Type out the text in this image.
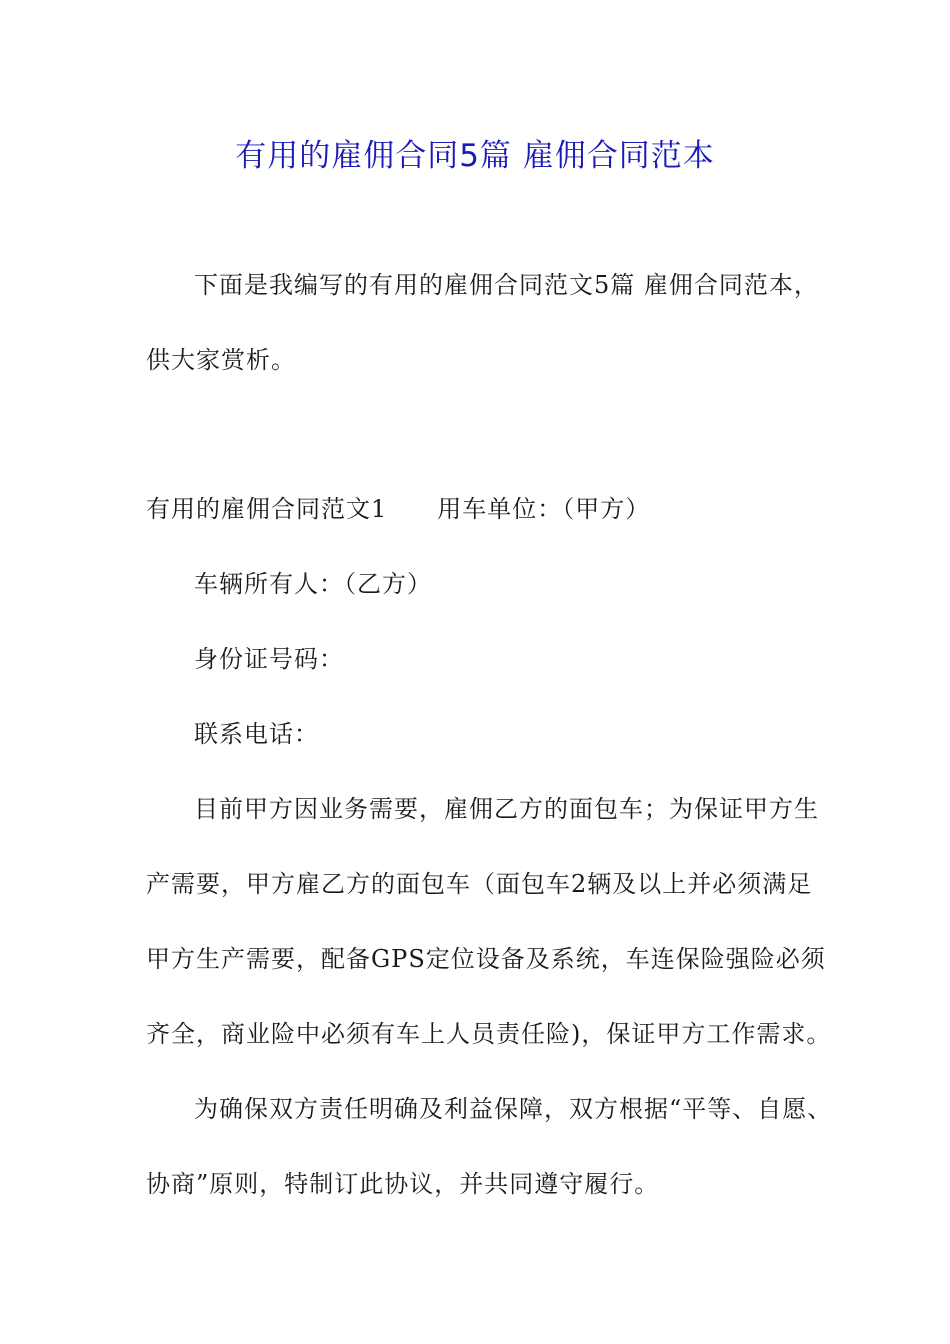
有用的雇佣合同5篇 雇佣合同范本
下面是我编写的有用的雇佣合同范文5篇 雇佣合同范本，
供大家赏析。
有用的雇佣合同范文1 用车单位：（甲方）
车辆所有人：（乙方）
身份证号码：
联系电话：
目前甲方因业务需要，雇佣乙方的面包车；为保证甲方生
产需要，甲方雇乙方的面包车（面包车2辆及以上并必须满足
甲方生产需要，配备GPS定位设备及系统，车连保险强险必须
齐全，商业险中必须有车上人员责任险)，保证甲方工作需求。
为确保双方责任明确及利益保障，双方根据“平等、自愿、
协商”原则，特制订此协议，并共同遵守履行。
